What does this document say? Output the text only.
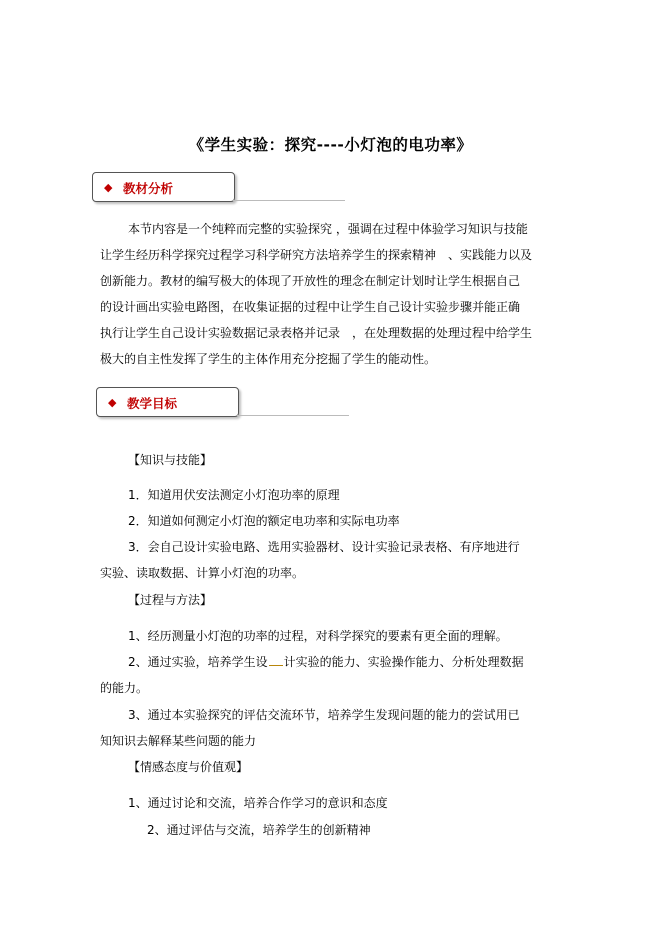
《学生实验：探究----小灯泡的电功率》
◆ 教材分析
本节内容是一个纯粹而完整的实验探究 ，强调在过程中体验学习知识与技能
让学生经历科学探究过程学习科学研究方法培养学生的探索精神　、实践能力以及
创新能力。教材的编写极大的体现了开放性的理念在制定计划时让学生根据自己
的设计画出实验电路图，在收集证据的过程中让学生自己设计实验步骤并能正确
执行让学生自己设计实验数据记录表格并记录　，在处理数据的处理过程中给学生
极大的自主性发挥了学生的主体作用充分挖掘了学生的能动性。
◆ 教学目标
【知识与技能】
1．知道用伏安法测定小灯泡功率的原理
2．知道如何测定小灯泡的额定电功率和实际电功率
3．会自己设计实验电路、选用实验器材、设计实验记录表格、有序地进行
实验、读取数据、计算小灯泡的功率。
【过程与方法】
1、经历测量小灯泡的功率的过程，对科学探究的要素有更全面的理解。
2、通过实验，培养学生设 计实验的能力、实验操作能力、分析处理数据
的能力。
3、通过本实验探究的评估交流环节，培养学生发现问题的能力的尝试用已
知知识去解释某些问题的能力
【情感态度与价值观】
1、通过讨论和交流，培养合作学习的意识和态度
2、通过评估与交流，培养学生的创新精神
